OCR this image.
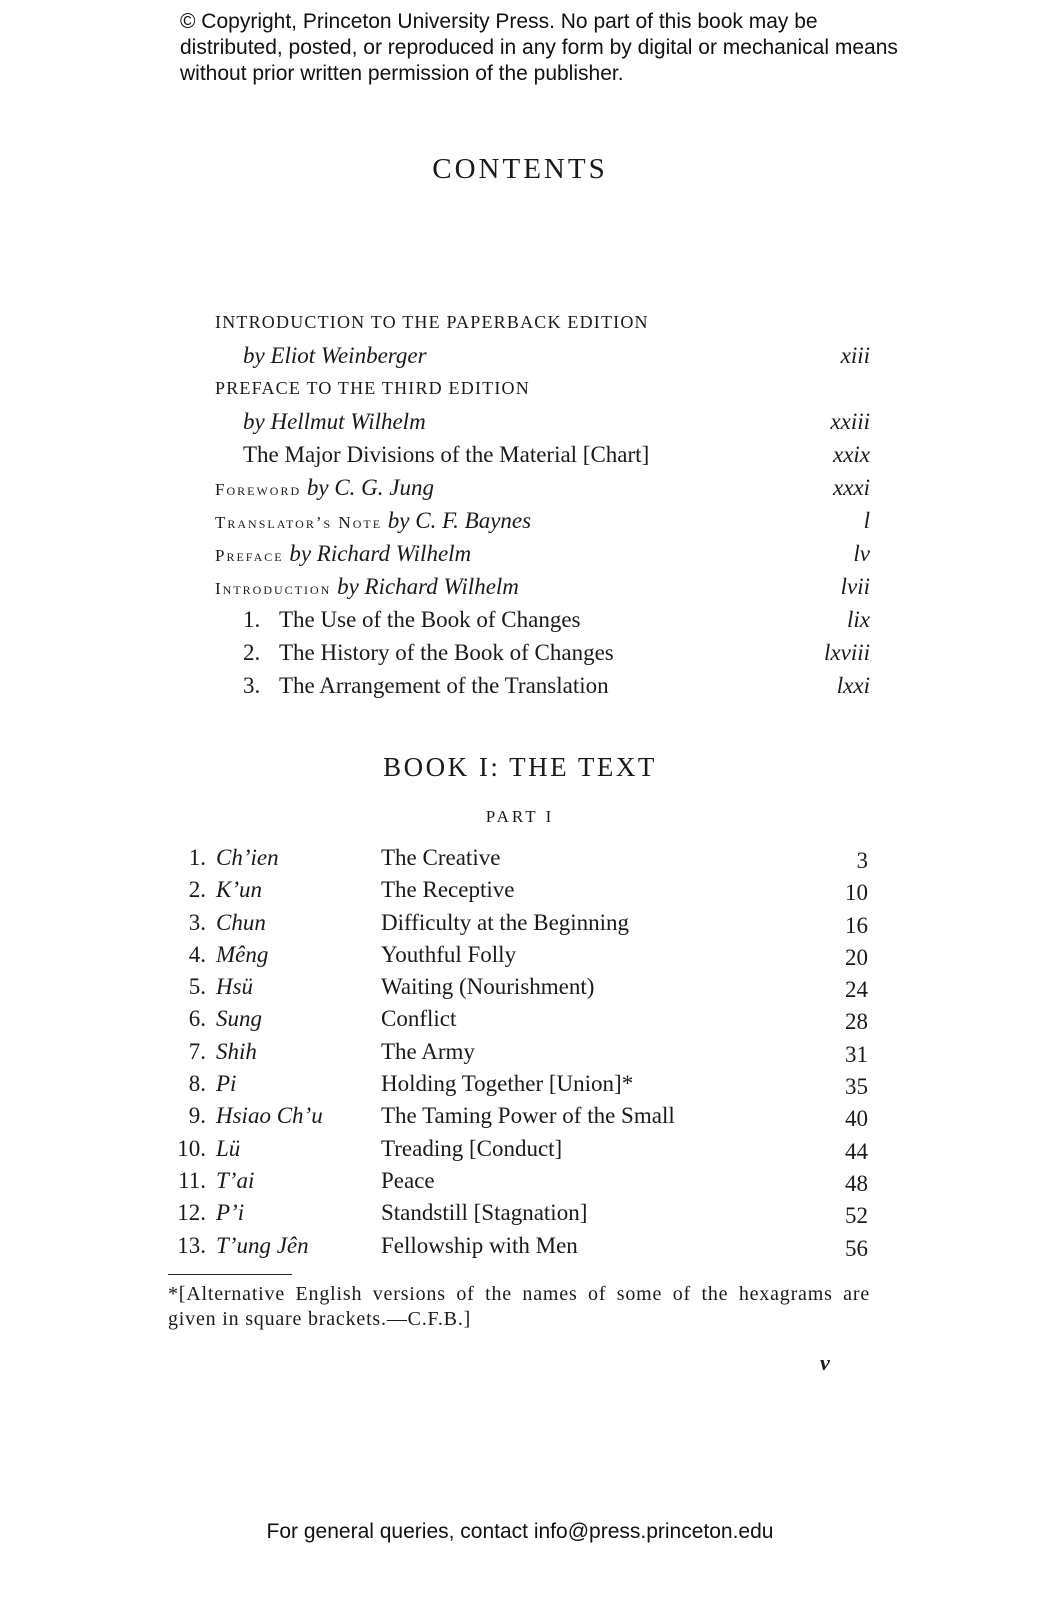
© Copyright, Princeton University Press. No part of this book may be distributed, posted, or reproduced in any form by digital or mechanical means without prior written permission of the publisher.
CONTENTS
INTRODUCTION TO THE PAPERBACK EDITION
by Eliot Weinberger	xiii
PREFACE TO THE THIRD EDITION
by Hellmut Wilhelm	xxiii
The Major Divisions of the Material [Chart]	xxix
Foreword by C. G. Jung	xxxi
Translator’s Note by C. F. Baynes	l
Preface by Richard Wilhelm	lv
Introduction by Richard Wilhelm	lvii
1. The Use of the Book of Changes	lix
2. The History of the Book of Changes	lxviii
3. The Arrangement of the Translation	lxxi
BOOK I: THE TEXT
PART I
1. Ch’ien	The Creative	3
2. K’un	The Receptive	10
3. Chun	Difficulty at the Beginning	16
4. Mêng	Youthful Folly	20
5. Hsü	Waiting (Nourishment)	24
6. Sung	Conflict	28
7. Shih	The Army	31
8. Pi	Holding Together [Union]*	35
9. Hsiao Ch’u	The Taming Power of the Small	40
10. Lü	Treading [Conduct]	44
11. T’ai	Peace	48
12. P’i	Standstill [Stagnation]	52
13. T’ung Jên	Fellowship with Men	56
*[Alternative English versions of the names of some of the hexagrams are given in square brackets.—C.F.B.]
v
For general queries, contact info@press.princeton.edu
